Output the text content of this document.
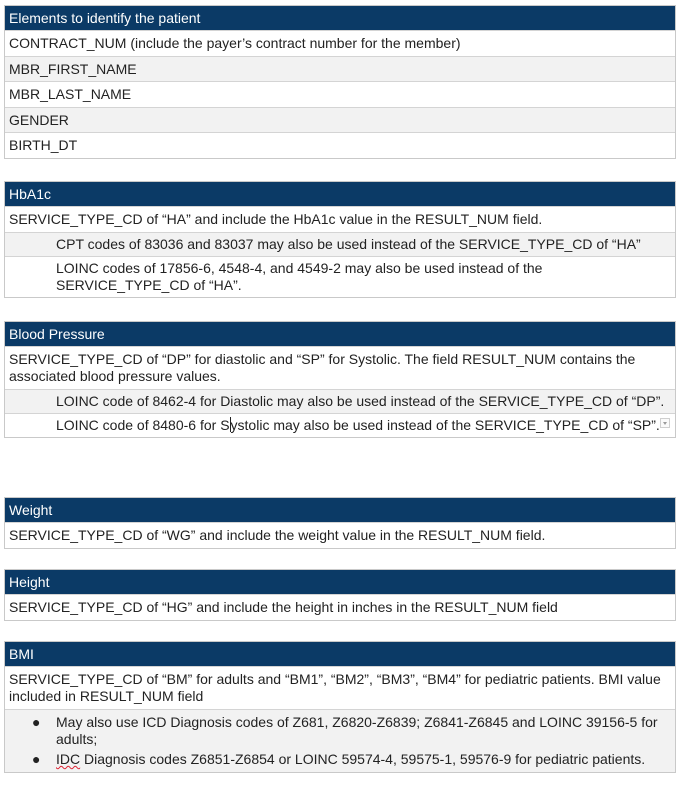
Elements to identify the patient
CONTRACT_NUM (include the payer’s contract number for the member)
MBR_FIRST_NAME
MBR_LAST_NAME
GENDER
BIRTH_DT
HbA1c
SERVICE_TYPE_CD of “HA” and include the HbA1c value in the RESULT_NUM field.
CPT codes of 83036 and 83037 may also be used instead of the SERVICE_TYPE_CD of “HA”
LOINC codes of 17856-6, 4548-4, and 4549-2 may also be used instead of the SERVICE_TYPE_CD of “HA”.
Blood Pressure
SERVICE_TYPE_CD of “DP” for diastolic and “SP” for Systolic. The field RESULT_NUM contains the associated blood pressure values.
LOINC code of 8462-4 for Diastolic may also be used instead of the SERVICE_TYPE_CD of “DP”.
LOINC code of 8480-6 for Systolic may also be used instead of the SERVICE_TYPE_CD of “SP”.
Weight
SERVICE_TYPE_CD of “WG” and include the weight value in the RESULT_NUM field.
Height
SERVICE_TYPE_CD of “HG” and include the height in inches in the RESULT_NUM field
BMI
SERVICE_TYPE_CD of “BM” for adults and “BM1”, “BM2”, “BM3”, “BM4” for pediatric patients. BMI value included in RESULT_NUM field
● May also use ICD Diagnosis codes of Z681, Z6820-Z6839; Z6841-Z6845 and LOINC 39156-5 for adults;
● IDC Diagnosis codes Z6851-Z6854 or LOINC 59574-4, 59575-1, 59576-9 for pediatric patients.
